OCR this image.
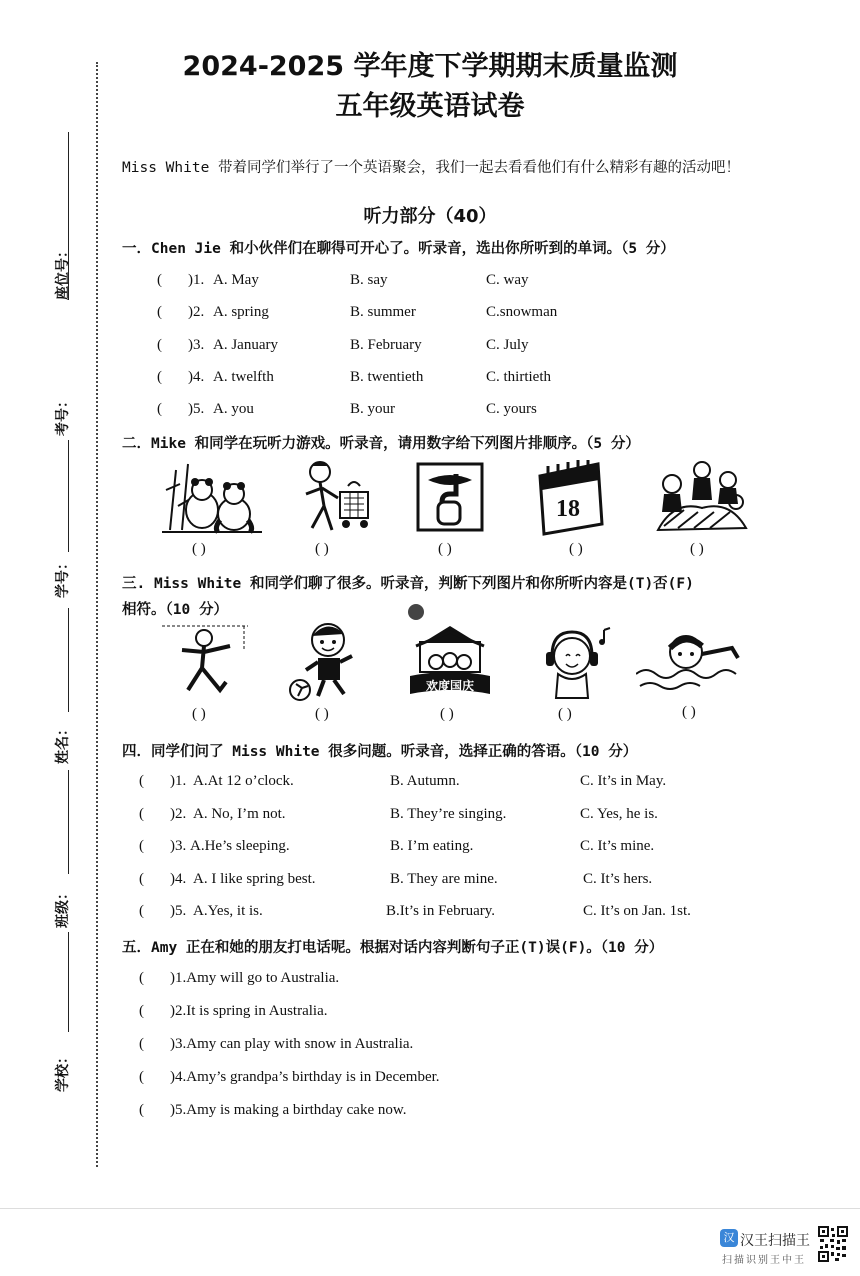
2024-2025 学年度下学期期末质量监测
五年级英语试卷
Miss White 带着同学们举行了一个英语聚会，我们一起去看看他们有什么精彩有趣的活动吧！
听力部分（40）
座位号：
考号：
学号：
姓名：
班级：
学校：
一．Chen Jie 和小伙伴们在聊得可开心了。听录音，选出你所听到的单词。（5 分）
( )1. A. May	B. say	C. way
( )2. A. spring	B. summer	C.snowman
( )3. A. January	B. February	C. July
( )4. A. twelfth	B. twentieth	C. thirtieth
( )5. A. you	B. your	C. yours
二．Mike 和同学在玩听力游戏。听录音，请用数字给下列图片排顺序。（5 分）
18
( )	( )	( )	( )	( )
三. Miss White 和同学们聊了很多。听录音，判断下列图片和你所听内容是(T)否(F)
相符。（10 分）
欢度国庆
( )	( )	( )	( )	( )
四．同学们问了 Miss White 很多问题。听录音，选择正确的答语。（10 分）
( )1. A.At 12 o’clock.	B. Autumn.	C. It’s in May.
( )2. A. No, I’m not.	B. They’re singing.	C. Yes, he is.
( )3. A.He’s sleeping.	B. I’m eating.	C. It’s mine.
( )4. A. I like spring best.	B. They are mine.	C. It’s hers.
( )5. A.Yes, it is.	B.It’s in February.	C. It’s on Jan. 1st.
五．Amy 正在和她的朋友打电话呢。根据对话内容判断句子正(T)误(F)。（10 分）
( )1.Amy will go to Australia.
( )2.It is spring in Australia.
( )3.Amy can play with snow in Australia.
( )4.Amy’s grandpa’s birthday is in December.
( )5.Amy is making a birthday cake now.
汉 汉王扫描王
扫描识别王中王
